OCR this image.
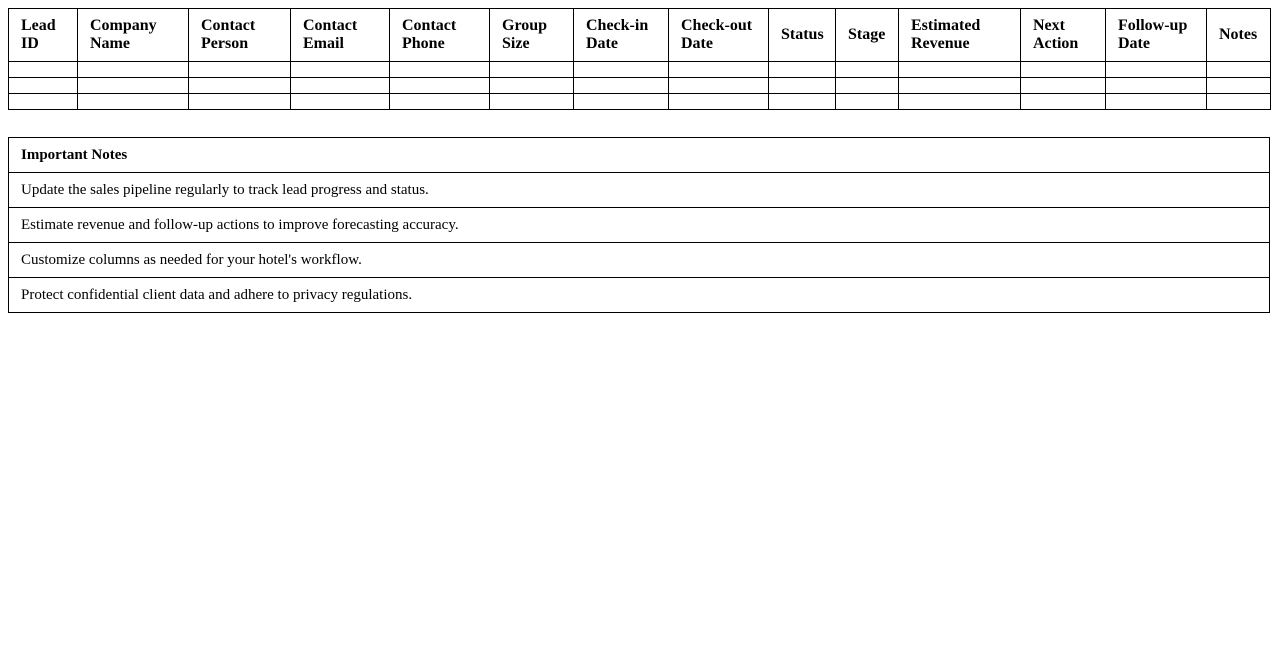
Lead ID	Company Name	Contact Person	Contact Email	Contact Phone	Group Size	Check-in Date	Check-out Date	Status	Stage	Estimated Revenue	Next Action	Follow-up Date	Notes

Important Notes
Update the sales pipeline regularly to track lead progress and status.
Estimate revenue and follow-up actions to improve forecasting accuracy.
Customize columns as needed for your hotel's workflow.
Protect confidential client data and adhere to privacy regulations.
